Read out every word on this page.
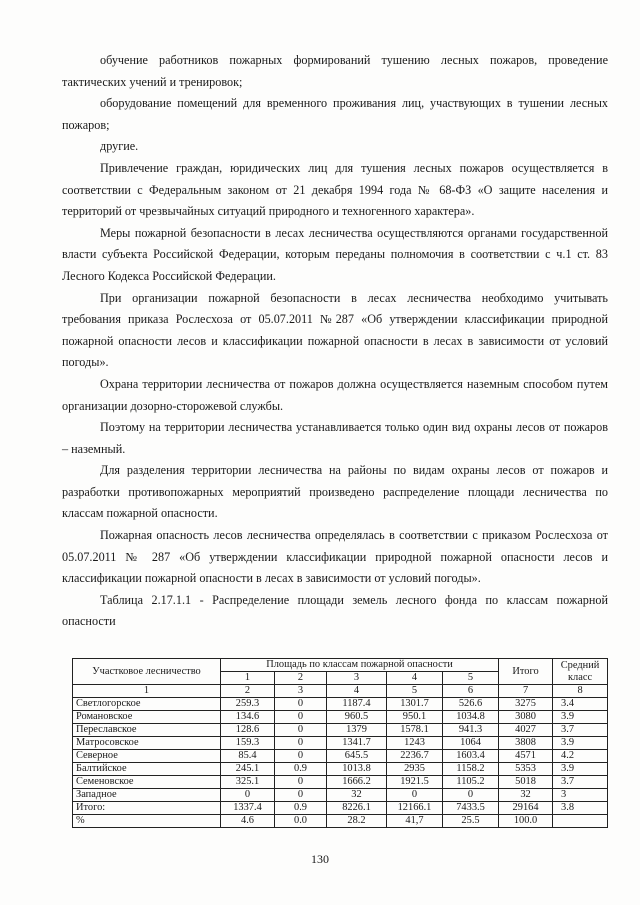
обучение работников пожарных формирований тушению лесных пожаров, проведение тактических учений и тренировок;

оборудование помещений для временного проживания лиц, участвующих в тушении лесных пожаров;

другие.

Привлечение граждан, юридических лиц для тушения лесных пожаров осуществляется в соответствии с Федеральным законом от 21 декабря 1994 года № 68-ФЗ «О защите населения и территорий от чрезвычайных ситуаций природного и техногенного характера».

Меры пожарной безопасности в лесах лесничества осуществляются органами государственной власти субъекта Российской Федерации, которым переданы полномочия в соответствии с ч.1 ст. 83 Лесного Кодекса Российской Федерации.

При организации пожарной безопасности в лесах лесничества необходимо учитывать требования приказа Рослесхоза от 05.07.2011 №287 «Об утверждении классификации природной пожарной опасности лесов и классификации пожарной опасности в лесах в зависимости от условий погоды».

Охрана территории лесничества от пожаров должна осуществляется наземным способом путем организации дозорно-сторожевой службы.

Поэтому на территории лесничества устанавливается только один вид охраны лесов от пожаров – наземный.

Для разделения территории лесничества на районы по видам охраны лесов от пожаров и разработки противопожарных мероприятий произведено распределение площади лесничества по классам пожарной опасности.

Пожарная опасность лесов лесничества определялась в соответствии с приказом Рослесхоза от 05.07.2011 № 287 «Об утверждении классификации природной пожарной опасности лесов и классификации пожарной опасности в лесах в зависимости от условий погоды».

Таблица 2.17.1.1 - Распределение площади земель лесного фонда по классам пожарной опасности

Участковое лесничество	Площадь по классам пожарной опасности					Итого	Средний класс
	1	2	3	4	5		
1	2	3	4	5	6	7	8
Светлогорское	259.3	0	1187.4	1301.7	526.6	3275	3.4
Романовское	134.6	0	960.5	950.1	1034.8	3080	3.9
Переславское	128.6	0	1379	1578.1	941.3	4027	3.7
Матросовское	159.3	0	1341.7	1243	1064	3808	3.9
Северное	85.4	0	645.5	2236.7	1603.4	4571	4.2
Балтийское	245.1	0.9	1013.8	2935	1158.2	5353	3.9
Семеновское	325.1	0	1666.2	1921.5	1105.2	5018	3.7
Западное	0	0	32	0	0	32	3
Итого:	1337.4	0.9	8226.1	12166.1	7433.5	29164	3.8
%	4.6	0.0	28.2	41,7	25.5	100.0	
130
